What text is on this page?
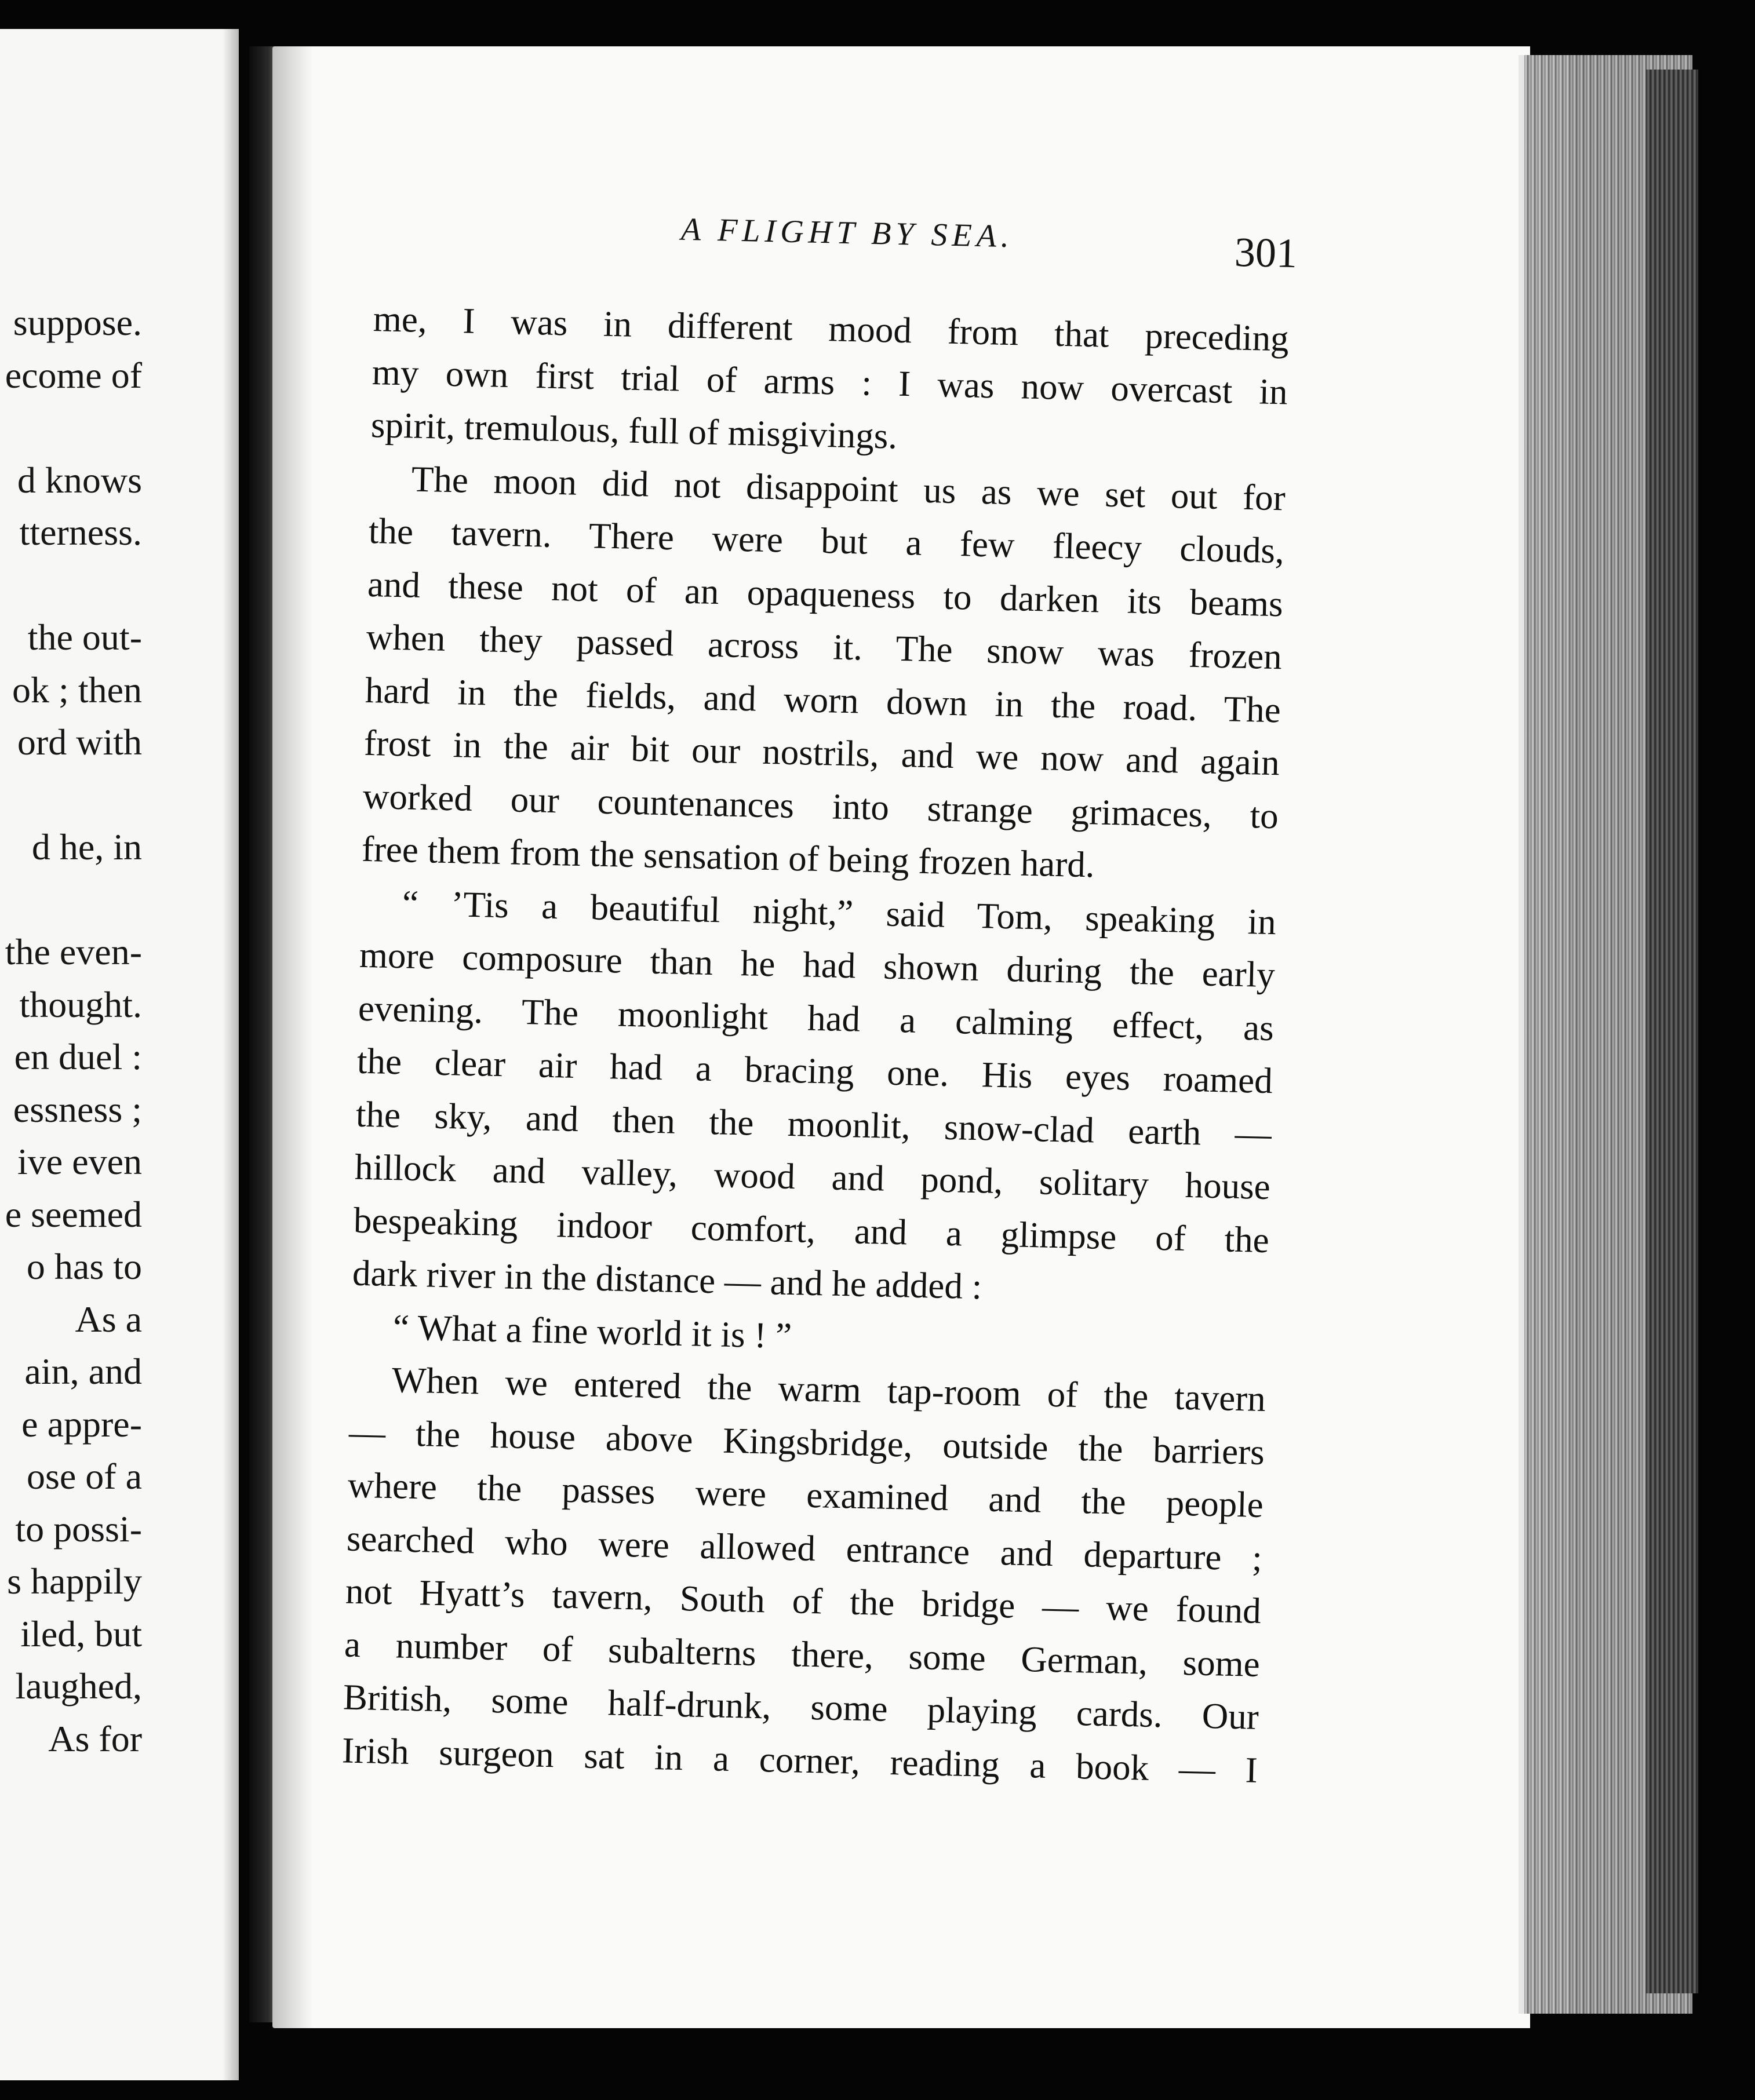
A FLIGHT BY SEA.	301
me, I was in different mood from that preceding
my own first trial of arms : I was now overcast in
spirit, tremulous, full of misgivings.
The moon did not disappoint us as we set out for
the tavern. There were but a few fleecy clouds,
and these not of an opaqueness to darken its beams
when they passed across it. The snow was frozen
hard in the fields, and worn down in the road. The
frost in the air bit our nostrils, and we now and again
worked our countenances into strange grimaces, to
free them from the sensation of being frozen hard.
“ ’Tis a beautiful night,” said Tom, speaking in
more composure than he had shown during the early
evening. The moonlight had a calming effect, as
the clear air had a bracing one. His eyes roamed
the sky, and then the moonlit, snow-clad earth —
hillock and valley, wood and pond, solitary house
bespeaking indoor comfort, and a glimpse of the
dark river in the distance — and he added :
“ What a fine world it is ! ”
When we entered the warm tap-room of the tavern
— the house above Kingsbridge, outside the barriers
where the passes were examined and the people
searched who were allowed entrance and departure ;
not Hyatt’s tavern, South of the bridge — we found
a number of subalterns there, some German, some
British, some half-drunk, some playing cards. Our
Irish surgeon sat in a corner, reading a book — I
suppose.
ecome of
d knows
tterness.
the out-
ok ; then
ord with
d he, in
the even-
thought.
en duel :
essness ;
ive even
e seemed
o has to
As a
ain, and
e appre-
ose of a
to possi-
s happily
iled, but
laughed,
As for
